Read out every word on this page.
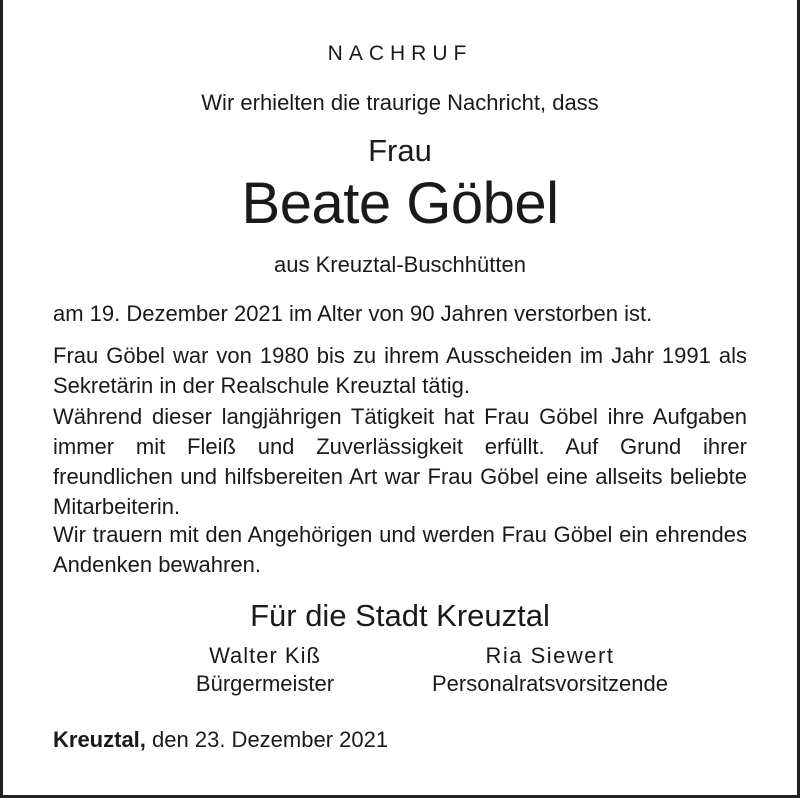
NACHRUF
Wir erhielten die traurige Nachricht, dass
Frau
Beate Göbel
aus Kreuztal-Buschhütten
am 19. Dezember 2021 im Alter von 90 Jahren verstorben ist.
Frau Göbel war von 1980 bis zu ihrem Ausscheiden im Jahr 1991 als Sekretärin in der Realschule Kreuztal tätig.
Während dieser langjährigen Tätigkeit hat Frau Göbel ihre Aufgaben immer mit Fleiß und Zuverlässigkeit erfüllt. Auf Grund ihrer freundlichen und hilfsbereiten Art war Frau Göbel eine allseits beliebte Mitarbeiterin.
Wir trauern mit den Angehörigen und werden Frau Göbel ein ehrendes Andenken bewahren.
Für die Stadt Kreuztal
Walter Kiß
Bürgermeister
Ria Siewert
Personalratsvorsitzende
Kreuztal, den 23. Dezember 2021
